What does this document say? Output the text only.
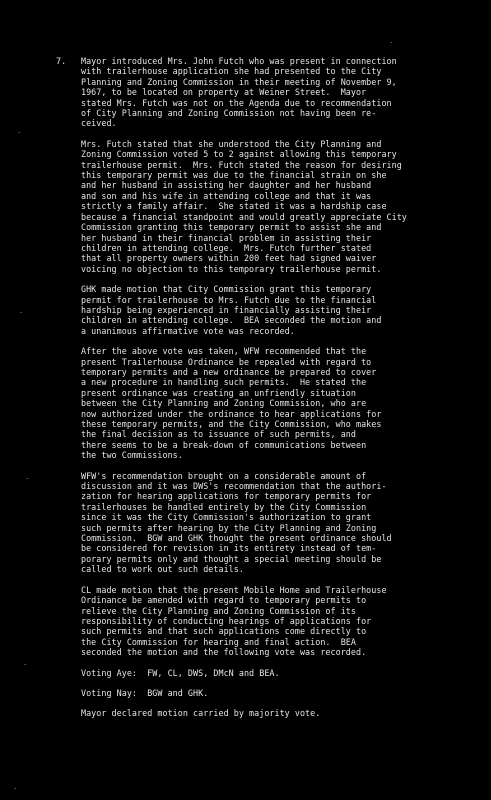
7.	Mayor introduced Mrs. John Futch who was present in connection
with trailerhouse application she had presented to the City
Planning and Zoning Commission in their meeting of November 9,
1967, to be located on property at Weiner Street.  Mayor
stated Mrs. Futch was not on the Agenda due to recommendation
of City Planning and Zoning Commission not having been re-
ceived.

Mrs. Futch stated that she understood the City Planning and
Zoning Commission voted 5 to 2 against allowing this temporary
trailerhouse permit.  Mrs. Futch stated the reason for desiring
this temporary permit was due to the financial strain on she
and her husband in assisting her daughter and her husband
and son and his wife in attending college and that it was
strictly a family affair.  She stated it was a hardship case
because a financial standpoint and would greatly appreciate City
Commission granting this temporary permit to assist she and
her husband in their financial problem in assisting their
children in attending college.  Mrs. Futch further stated
that all property owners within 200 feet had signed waiver
voicing no objection to this temporary trailerhouse permit.

GHK made motion that City Commission grant this temporary
permit for trailerhouse to Mrs. Futch due to the financial
hardship being experienced in financially assisting their
children in attending college.  BEA seconded the motion and
a unanimous affirmative vote was recorded.

After the above vote was taken, WFW recommended that the
present Trailerhouse Ordinance be repealed with regard to
temporary permits and a new ordinance be prepared to cover
a new procedure in handling such permits.  He stated the
present ordinance was creating an unfriendly situation
between the City Planning and Zoning Commission, who are
now authorized under the ordinance to hear applications for
these temporary permits, and the City Commission, who makes
the final decision as to issuance of such permits, and
there seems to be a break-down of communications between
the two Commissions.

WFW's recommendation brought on a considerable amount of
discussion and it was DWS's recommendation that the authori-
zation for hearing applications for temporary permits for
trailerhouses be handled entirely by the City Commission
since it was the City Commission's authorization to grant
such permits after hearing by the City Planning and Zoning
Commission.  BGW and GHK thought the present ordinance should
be considered for revision in its entirety instead of tem-
porary permits only and thought a special meeting should be
called to work out such details.

CL made motion that the present Mobile Home and Trailerhouse
Ordinance be amended with regard to temporary permits to
relieve the City Planning and Zoning Commission of its
responsibility of conducting hearings of applications for
such permits and that such applications come directly to
the City Commission for hearing and final action.  BEA
seconded the motion and the following vote was recorded.

Voting Aye:  FW, CL, DWS, DMcN and BEA.

Voting Nay:  BGW and GHK.

Mayor declared motion carried by majority vote.

·
·
·
·
·
·
